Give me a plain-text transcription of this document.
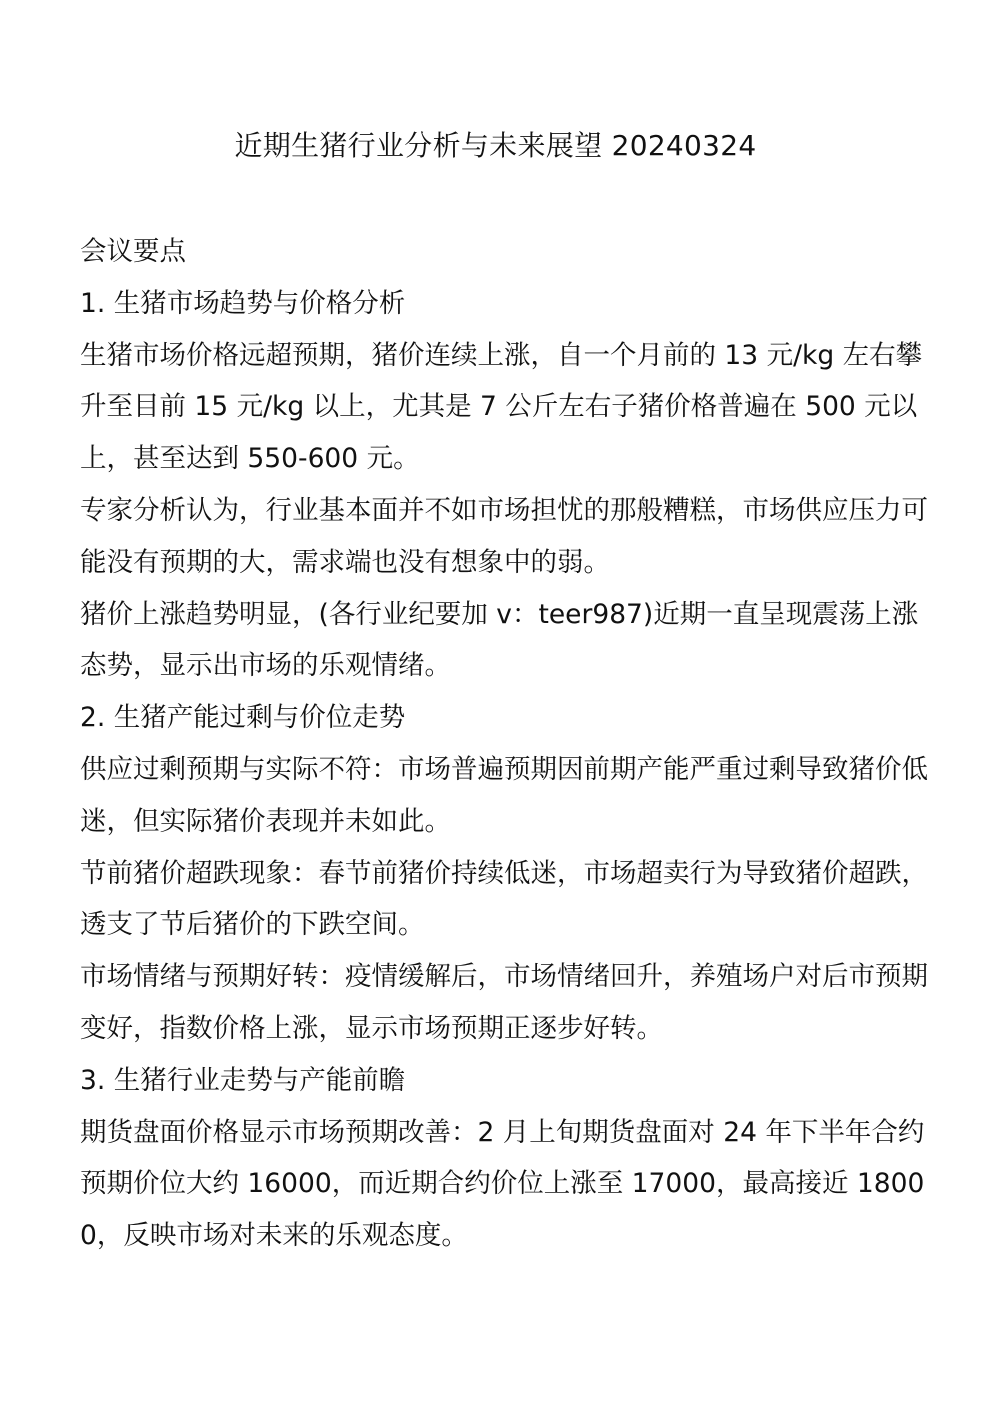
近期生猪行业分析与未来展望 20240324

会议要点

1. 生猪市场趋势与价格分析

生猪市场价格远超预期，猪价连续上涨，自一个月前的 13 元/kg 左右攀升至目前 15 元/kg 以上，尤其是 7 公斤左右子猪价格普遍在 500 元以上，甚至达到 550-600 元。

专家分析认为，行业基本面并不如市场担忧的那般糟糕，市场供应压力可能没有预期的大，需求端也没有想象中的弱。

猪价上涨趋势明显，(各行业纪要加 v：teer987)近期一直呈现震荡上涨态势，显示出市场的乐观情绪。

2. 生猪产能过剩与价位走势

供应过剩预期与实际不符：市场普遍预期因前期产能严重过剩导致猪价低迷，但实际猪价表现并未如此。

节前猪价超跌现象：春节前猪价持续低迷，市场超卖行为导致猪价超跌，透支了节后猪价的下跌空间。

市场情绪与预期好转：疫情缓解后，市场情绪回升，养殖场户对后市预期变好，指数价格上涨，显示市场预期正逐步好转。

3. 生猪行业走势与产能前瞻

期货盘面价格显示市场预期改善：2 月上旬期货盘面对 24 年下半年合约预期价位大约 16000，而近期合约价位上涨至 17000，最高接近 18000，反映市场对未来的乐观态度。
